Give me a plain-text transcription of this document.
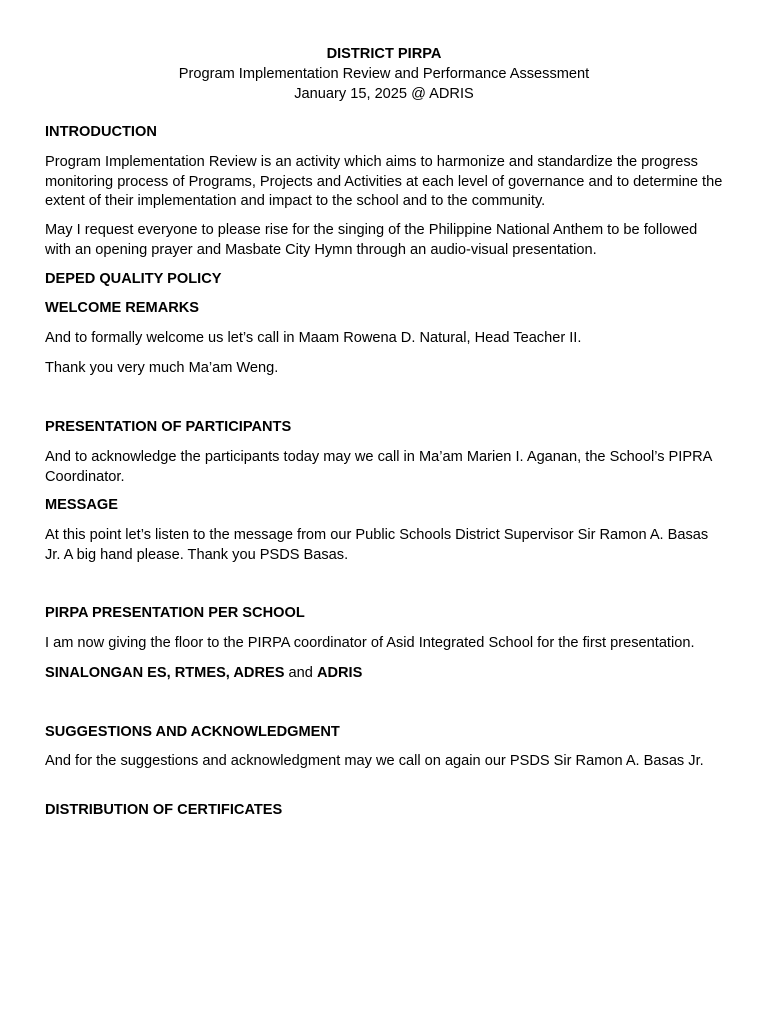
DISTRICT PIRPA
Program Implementation Review and Performance Assessment
January 15, 2025 @ ADRIS
INTRODUCTION

Program Implementation Review is an activity which aims to harmonize and standardize the progress monitoring process of Programs, Projects and Activities at each level of governance and to determine the extent of their implementation and impact to the school and to the community.

May I request everyone to please rise for the singing of the Philippine National Anthem to be followed with an opening prayer and Masbate City Hymn through an audio-visual presentation.

DEPED QUALITY POLICY
WELCOME REMARKS

And to formally welcome us let’s call in Maam Rowena D. Natural, Head Teacher II.

Thank you very much Ma’am Weng.

PRESENTATION OF PARTICIPANTS

And to acknowledge the participants today may we call in Ma’am Marien I. Aganan, the School’s PIPRA Coordinator.

MESSAGE

At this point let’s listen to the message from our Public Schools District Supervisor Sir Ramon A. Basas Jr. A big hand please. Thank you PSDS Basas.

PIRPA PRESENTATION PER SCHOOL

I am now giving the floor to the PIRPA coordinator of Asid Integrated School for the first presentation.

SINALONGAN ES, RTMES, ADRES and ADRIS

SUGGESTIONS AND ACKNOWLEDGMENT

And for the suggestions and acknowledgment may we call on again our PSDS Sir Ramon A. Basas Jr.

DISTRIBUTION OF CERTIFICATES
